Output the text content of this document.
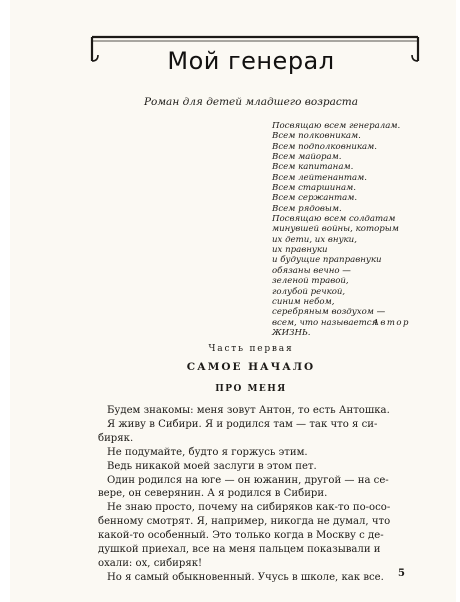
Мой генерал
Роман для детей младшего возраста
Посвящаю всем генералам.
Всем полковникам.
Всем подполковникам.
Всем майорам.
Всем капитанам.
Всем лейтенантам.
Всем старшинам.
Всем сержантам.
Всем рядовым.
Посвящаю всем солдатам
минувшей войны, которым
их дети, их внуки,
их правнуки
и будущие праправнуки
обязаны вечно —
зеленой травой,
голубой речкой,
синим небом,
серебряным воздухом —
всем, что называется
ЖИЗНЬ.
Автор
Часть первая
САМОЕ НАЧАЛО
ПРО МЕНЯ
Будем знакомы: меня зовут Антон, то есть Антошка.
Я живу в Сибири. Я и родился там — так что я си-
биряк.
Не подумайте, будто я горжусь этим.
Ведь никакой моей заслуги в этом пет.
Один родился на юге — он южанин, другой — на се-
вере, он северянин. А я родился в Сибири.
Не знаю просто, почему на сибиряков как-то по-осо-
бенному смотрят. Я, например, никогда не думал, что
какой-то особенный. Это только когда в Москву с де-
душкой приехал, все на меня пальцем показывали и
охали: ох, сибиряк!
Но я самый обыкновенный. Учусь в школе, как все.	5
